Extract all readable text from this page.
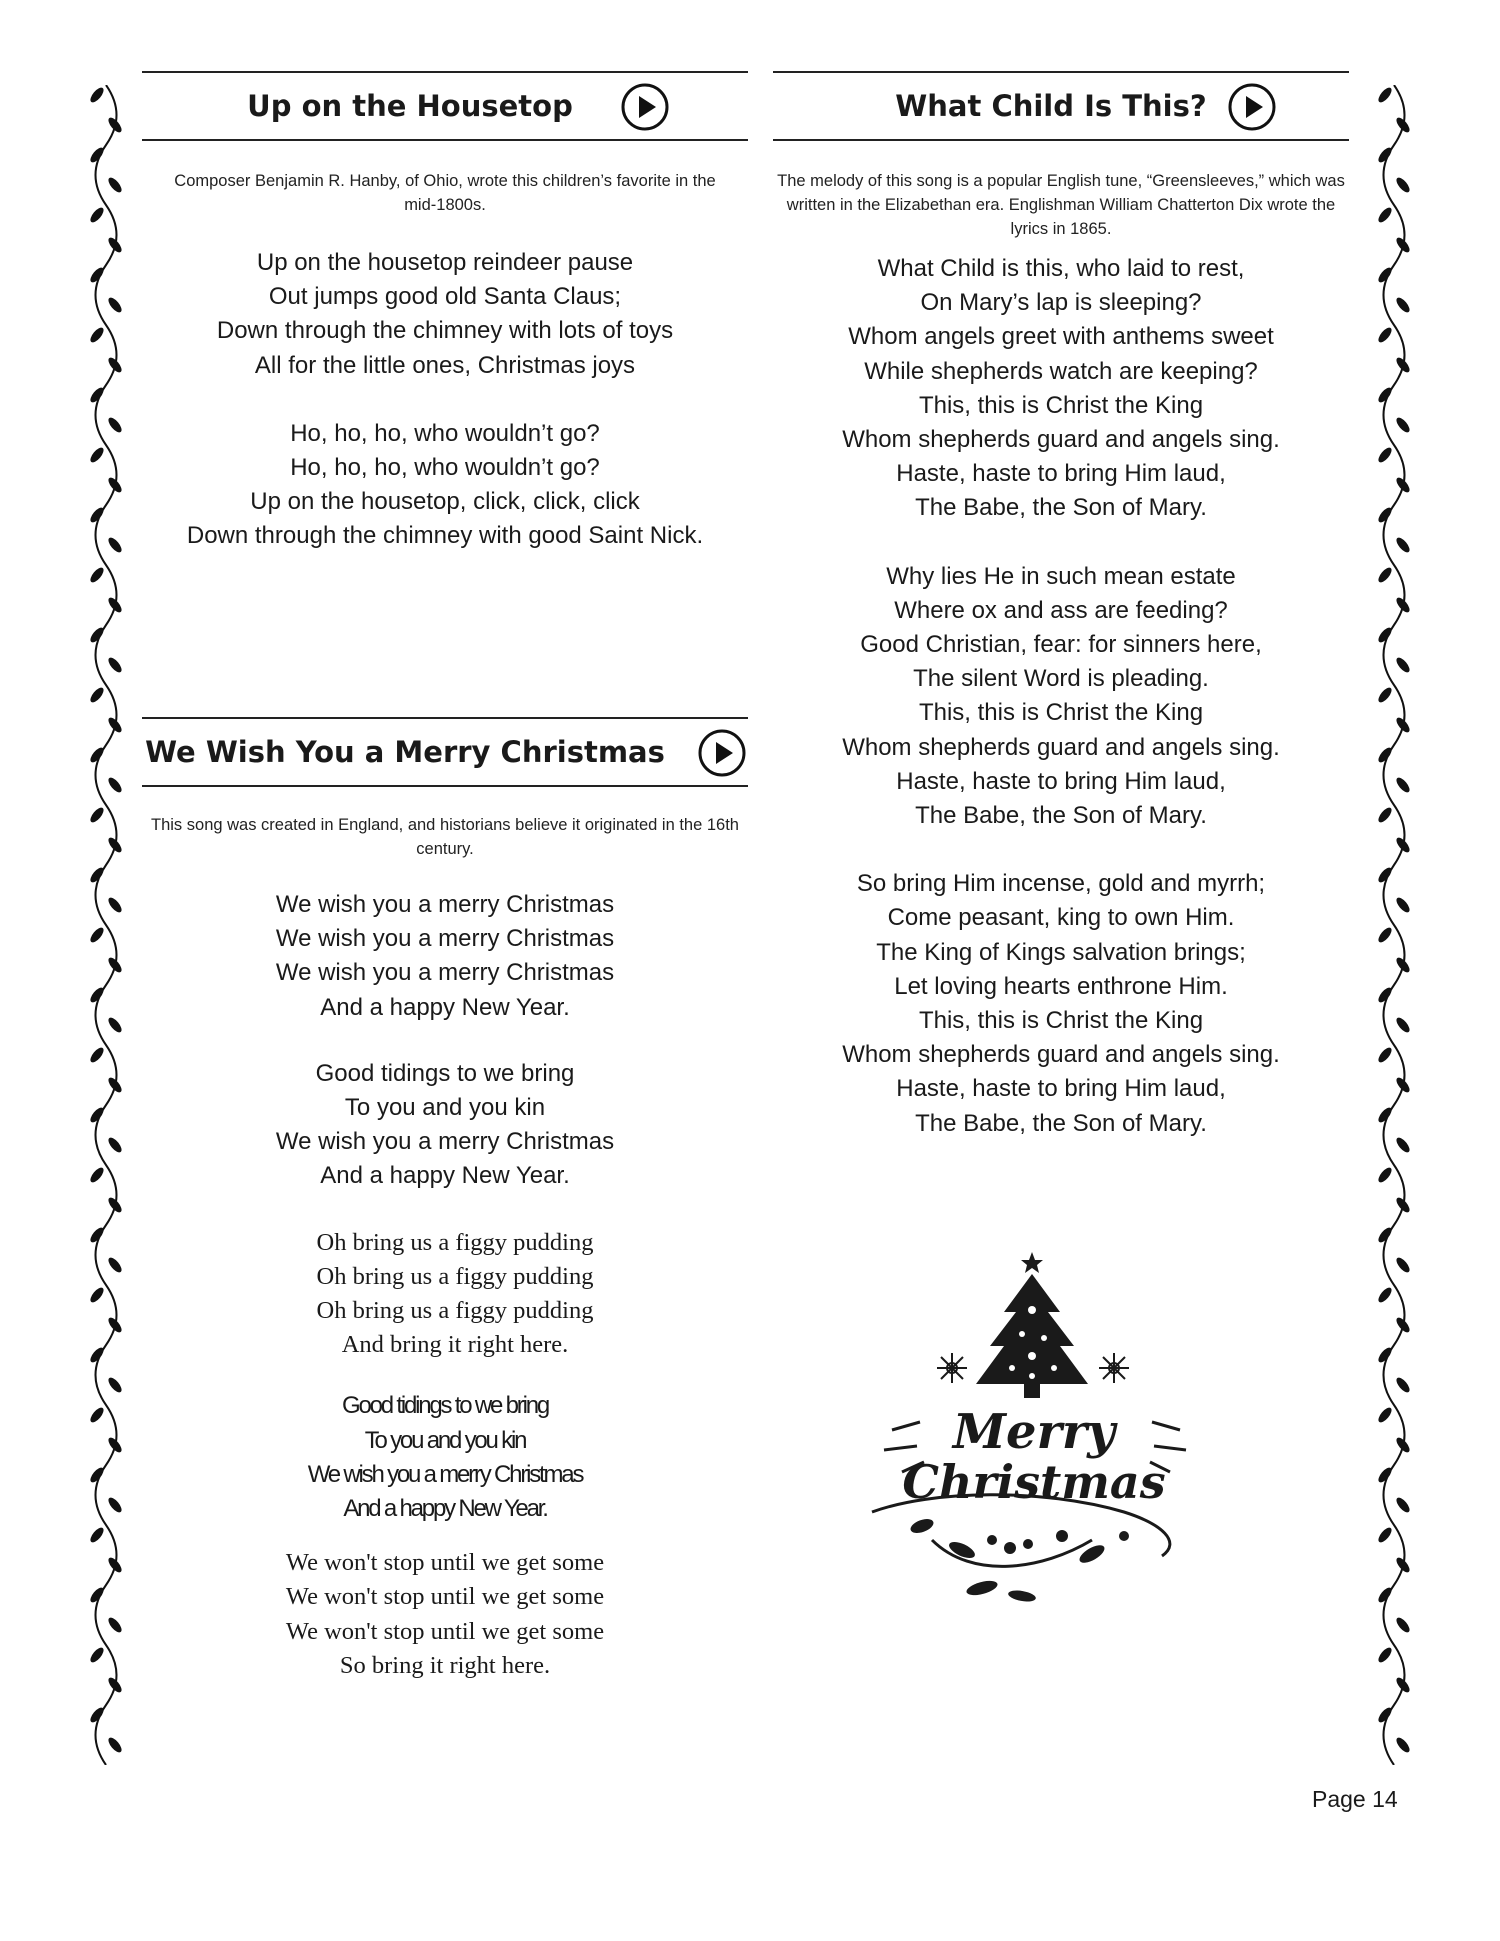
Up on the Housetop
Composer Benjamin R. Hanby, of Ohio, wrote this children’s favorite in the mid-1800s.
Up on the housetop reindeer pause
Out jumps good old Santa Claus;
Down through the chimney with lots of toys
All for the little ones, Christmas joys
Ho, ho, ho, who wouldn’t go?
Ho, ho, ho, who wouldn’t go?
Up on the housetop, click, click, click
Down through the chimney with good Saint Nick.
We Wish You a Merry Christmas
This song was created in England, and historians believe it originated in the 16th century.
We wish you a merry Christmas
We wish you a merry Christmas
We wish you a merry Christmas
And a happy New Year.
Good tidings to we bring
To you and you kin
We wish you a merry Christmas
And a happy New Year.
Oh bring us a figgy pudding
Oh bring us a figgy pudding
Oh bring us a figgy pudding
And bring it right here.
Good tidings to we bring
To you and you kin
We wish you a merry Christmas
And a happy New Year.
We won't stop until we get some
We won't stop until we get some
We won't stop until we get some
So bring it right here.
What Child Is This?
The melody of this song is a popular English tune, “Greensleeves,” which was written in the Elizabethan era. Englishman William Chatterton Dix wrote the lyrics in 1865.
What Child is this, who laid to rest,
On Mary’s lap is sleeping?
Whom angels greet with anthems sweet
While shepherds watch are keeping?
This, this is Christ the King
Whom shepherds guard and angels sing.
Haste, haste to bring Him laud,
The Babe, the Son of Mary.
Why lies He in such mean estate
Where ox and ass are feeding?
Good Christian, fear: for sinners here,
The silent Word is pleading.
This, this is Christ the King
Whom shepherds guard and angels sing.
Haste, haste to bring Him laud,
The Babe, the Son of Mary.
So bring Him incense, gold and myrrh;
Come peasant, king to own Him.
The King of Kings salvation brings;
Let loving hearts enthrone Him.
This, this is Christ the King
Whom shepherds guard and angels sing.
Haste, haste to bring Him laud,
The Babe, the Son of Mary.
Merry
Christmas
Page 14
